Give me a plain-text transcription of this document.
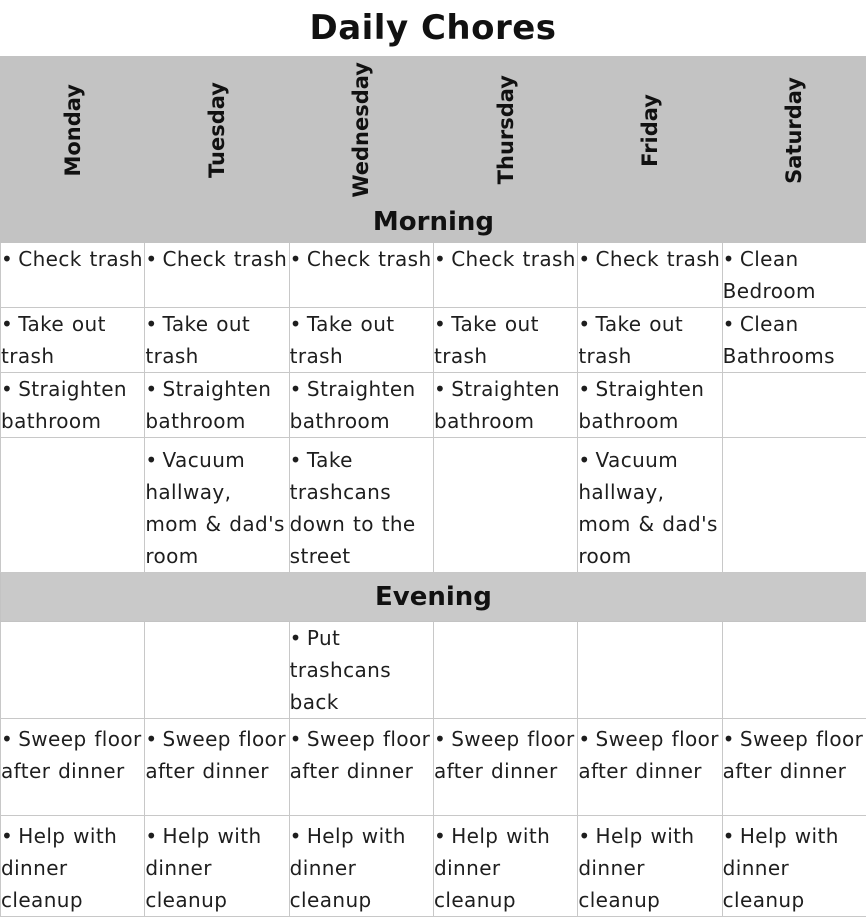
Daily Chores
Monday	Tuesday	Wednesday	Thursday	Friday	Saturday
Morning					
• Check trash	• Check trash	• Check trash	• Check trash	• Check trash	• Clean Bedroom
• Take out trash	• Take out trash	• Take out trash	• Take out trash	• Take out trash	• Clean Bathrooms
• Straighten bathroom	• Straighten bathroom	• Straighten bathroom	• Straighten bathroom	• Straighten bathroom	
	• Vacuum hallway, mom & dad's room	• Take trashcans down to the street		• Vacuum hallway, mom & dad's room	
Evening					
		• Put trashcans back			
• Sweep floor after dinner	• Sweep floor after dinner	• Sweep floor after dinner	• Sweep floor after dinner	• Sweep floor after dinner	• Sweep floor after dinner
• Help with dinner cleanup	• Help with dinner cleanup	• Help with dinner cleanup	• Help with dinner cleanup	• Help with dinner cleanup	• Help with dinner cleanup
